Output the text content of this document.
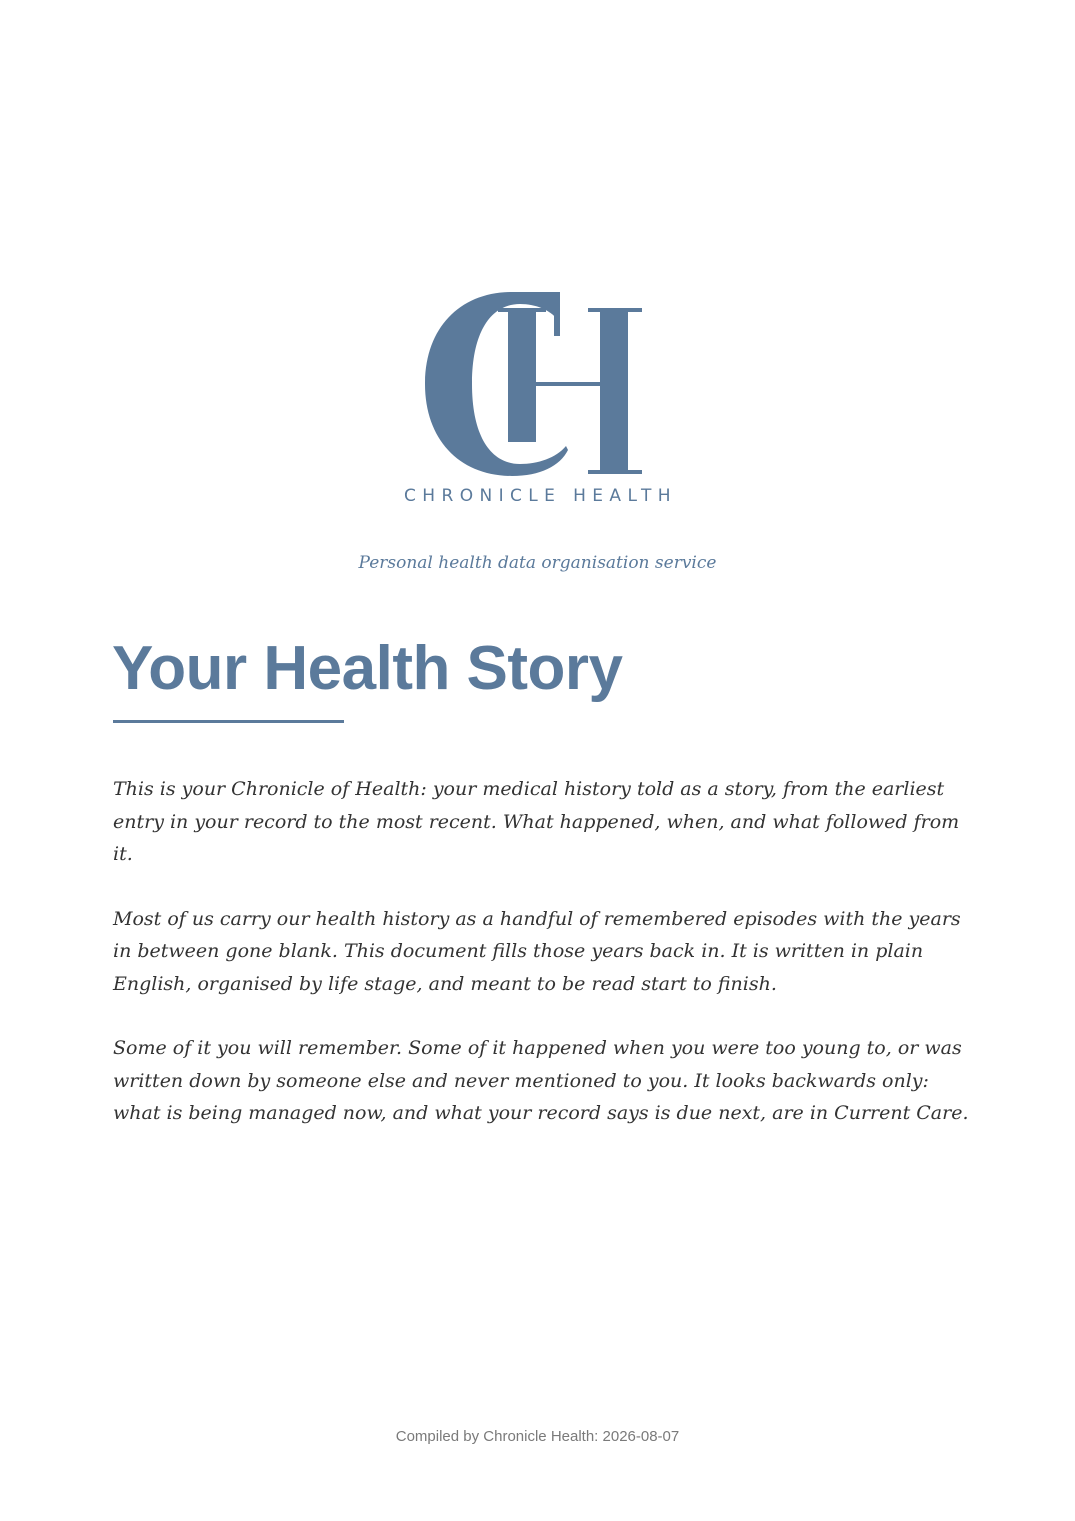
CHRONICLE HEALTH
Personal health data organisation service
Your Health Story

This is your Chronicle of Health: your medical history told as a story, from the earliest entry in your record to the most recent. What happened, when, and what followed from it.

Most of us carry our health history as a handful of remembered episodes with the years in between gone blank. This document fills those years back in. It is written in plain English, organised by life stage, and meant to be read start to finish.

Some of it you will remember. Some of it happened when you were too young to, or was written down by someone else and never mentioned to you. It looks backwards only: what is being managed now, and what your record says is due next, are in Current Care.

Compiled by Chronicle Health: 2026-08-07
